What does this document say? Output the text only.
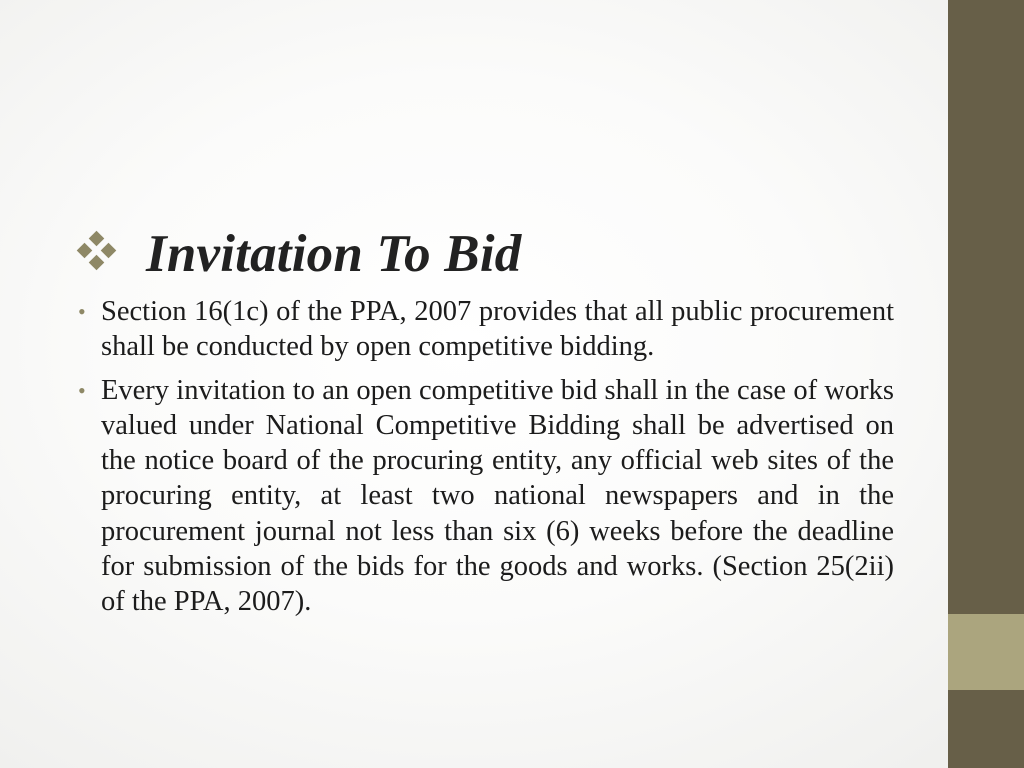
Invitation To Bid
• Section 16(1c) of the PPA, 2007 provides that all public procurement shall be conducted by open competitive bidding.
• Every invitation to an open competitive bid shall in the case of works valued under National Competitive Bidding shall be advertised on the notice board of the procuring entity, any official web sites of the procuring entity, at least two national newspapers and in the procurement journal not less than six (6) weeks before the deadline for submission of the bids for the goods and works. (Section 25(2ii) of the PPA, 2007).
